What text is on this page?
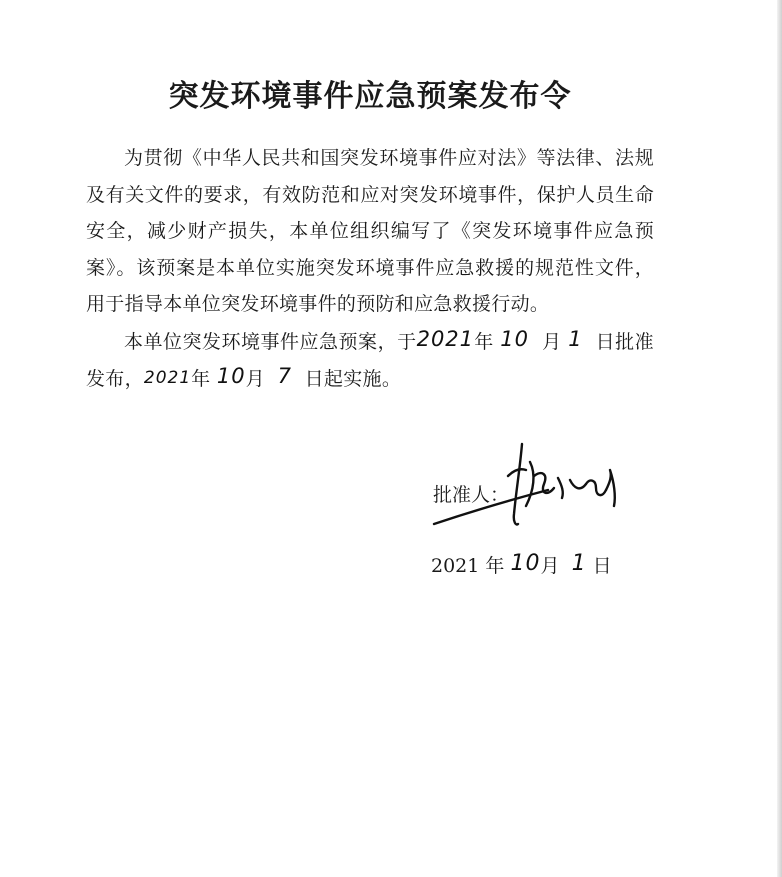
突发环境事件应急预案发布令

为贯彻《中华人民共和国突发环境事件应对法》等法律、法规及有关文件的要求，有效防范和应对突发环境事件，保护人员生命安全，减少财产损失，本单位组织编写了《突发环境事件应急预案》。该预案是本单位实施突发环境事件应急救援的规范性文件，用于指导本单位突发环境事件的预防和应急救援行动。

本单位突发环境事件应急预案，于2021年 10 月 1 日批准发布，2021年 10月 7 日起实施。

批准人：
2021 年 10月 1 日
